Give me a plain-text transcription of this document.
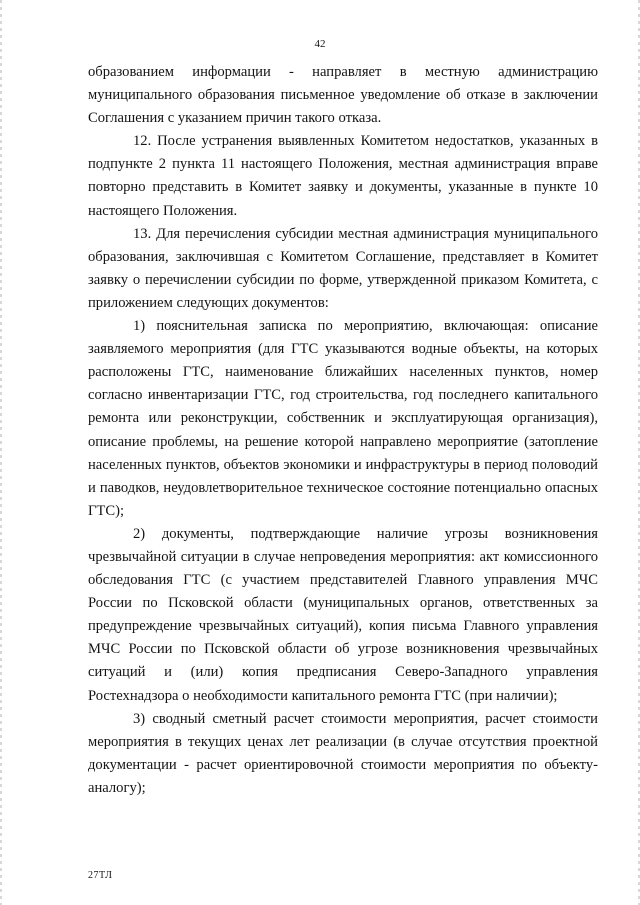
42

образованием информации - направляет в местную администрацию муниципального образования письменное уведомление об отказе в заключении Соглашения с указанием причин такого отказа.

12. После устранения выявленных Комитетом недостатков, указанных в подпункте 2 пункта 11 настоящего Положения, местная администрация вправе повторно представить в Комитет заявку и документы, указанные в пункте 10 настоящего Положения.

13. Для перечисления субсидии местная администрация муниципального образования, заключившая с Комитетом Соглашение, представляет в Комитет заявку о перечислении субсидии по форме, утвержденной приказом Комитета, с приложением следующих документов:

1) пояснительная записка по мероприятию, включающая: описание заявляемого мероприятия (для ГТС указываются водные объекты, на которых расположены ГТС, наименование ближайших населенных пунктов, номер согласно инвентаризации ГТС, год строительства, год последнего капитального ремонта или реконструкции, собственник и эксплуатирующая организация), описание проблемы, на решение которой направлено мероприятие (затопление населенных пунктов, объектов экономики и инфраструктуры в период половодий и паводков, неудовлетворительное техническое состояние потенциально опасных ГТС);

2) документы, подтверждающие наличие угрозы возникновения чрезвычайной ситуации в случае непроведения мероприятия: акт комиссионного обследования ГТС (с участием представителей Главного управления МЧС России по Псковской области (муниципальных органов, ответственных за предупреждение чрезвычайных ситуаций), копия письма Главного управления МЧС России по Псковской области об угрозе возникновения чрезвычайных ситуаций и (или) копия предписания Северо-Западного управления Ростехнадзора о необходимости капитального ремонта ГТС (при наличии);

3) сводный сметный расчет стоимости мероприятия, расчет стоимости мероприятия в текущих ценах лет реализации (в случае отсутствия проектной документации - расчет ориентировочной стоимости мероприятия по объекту-аналогу);

27ТЛ
